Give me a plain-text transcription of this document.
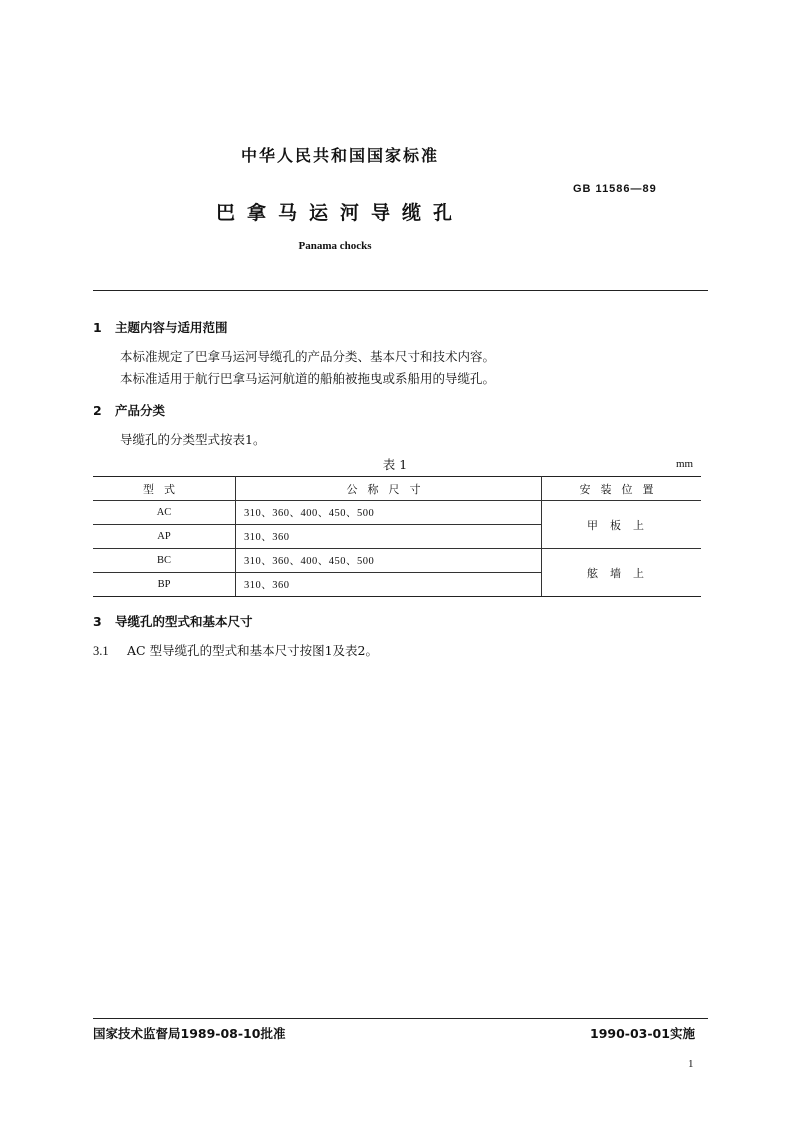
中华人民共和国国家标准
GB 11586—89
巴拿马运河导缆孔
Panama chocks
1 主题内容与适用范围
本标准规定了巴拿马运河导缆孔的产品分类、基本尺寸和技术内容。
本标准适用于航行巴拿马运河航道的船舶被拖曳或系船用的导缆孔。
2 产品分类
导缆孔的分类型式按表1。
表 1	mm
型式	公称尺寸	安装位置
AC	310、360、400、450、500	甲板上
AP	310、360	
BC	310、360、400、450、500	舷墙上
BP	310、360	
3 导缆孔的型式和基本尺寸
3.1 AC 型导缆孔的型式和基本尺寸按图1及表2。
国家技术监督局1989-08-10批准	1990-03-01实施
1
